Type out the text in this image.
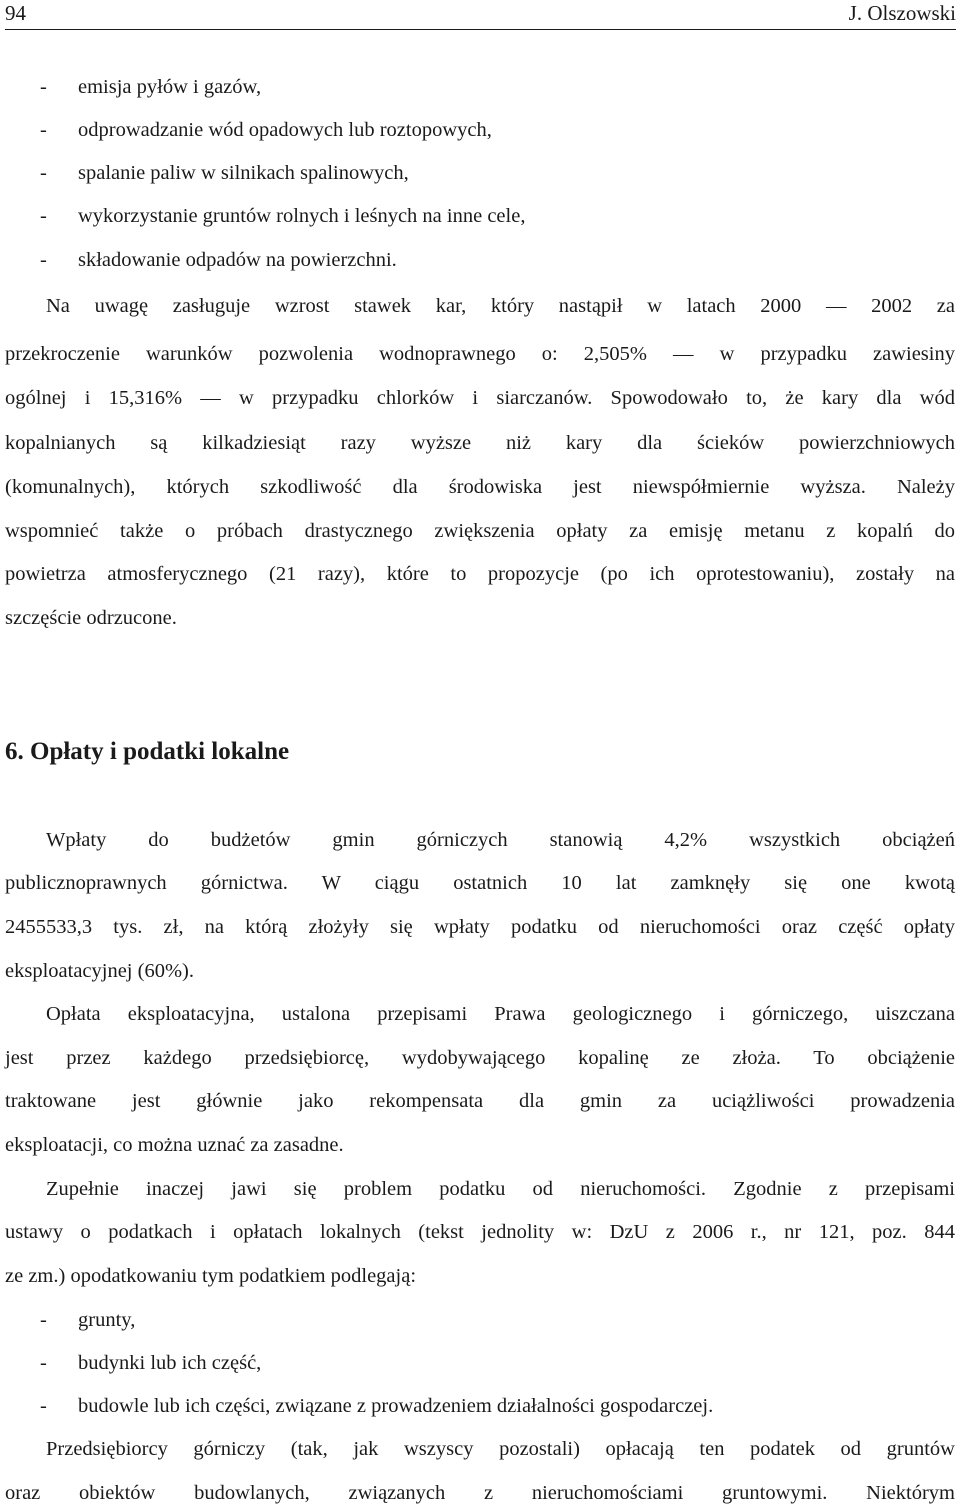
94	J. Olszowski
- emisja pyłów i gazów,
- odprowadzanie wód opadowych lub roztopowych,
- spalanie paliw w silnikach spalinowych,
- wykorzystanie gruntów rolnych i leśnych na inne cele,
- składowanie odpadów na powierzchni.
Na uwagę zasługuje wzrost stawek kar, który nastąpił w latach 2000 ― 2002 za
przekroczenie warunków pozwolenia wodnoprawnego o: 2,505% ― w przypadku zawiesiny
ogólnej i 15,316% ― w przypadku chlorków i siarczanów. Spowodowało to, że kary dla wód
kopalnianych są kilkadziesiąt razy wyższe niż kary dla ścieków powierzchniowych
(komunalnych), których szkodliwość dla środowiska jest niewspółmiernie wyższa. Należy
wspomnieć także o próbach drastycznego zwiększenia opłaty za emisję metanu z kopalń do
powietrza atmosferycznego (21 razy), które to propozycje (po ich oprotestowaniu), zostały na
szczęście odrzucone.
6. Opłaty i podatki lokalne
Wpłaty do budżetów gmin górniczych stanowią 4,2% wszystkich obciążeń
publicznoprawnych górnictwa. W ciągu ostatnich 10 lat zamknęły się one kwotą
2455533,3 tys. zł, na którą złożyły się wpłaty podatku od nieruchomości oraz część opłaty
eksploatacyjnej (60%).
Opłata eksploatacyjna, ustalona przepisami Prawa geologicznego i górniczego, uiszczana
jest przez każdego przedsiębiorcę, wydobywającego kopalinę ze złoża. To obciążenie
traktowane jest głównie jako rekompensata dla gmin za uciążliwości prowadzenia
eksploatacji, co można uznać za zasadne.
Zupełnie inaczej jawi się problem podatku od nieruchomości. Zgodnie z przepisami
ustawy o podatkach i opłatach lokalnych (tekst jednolity w: DzU z 2006 r., nr 121, poz. 844
ze zm.) opodatkowaniu tym podatkiem podlegają:
- grunty,
- budynki lub ich część,
- budowle lub ich części, związane z prowadzeniem działalności gospodarczej.
Przedsiębiorcy górniczy (tak, jak wszyscy pozostali) opłacają ten podatek od gruntów
oraz obiektów budowlanych, związanych z nieruchomościami gruntowymi. Niektórym
